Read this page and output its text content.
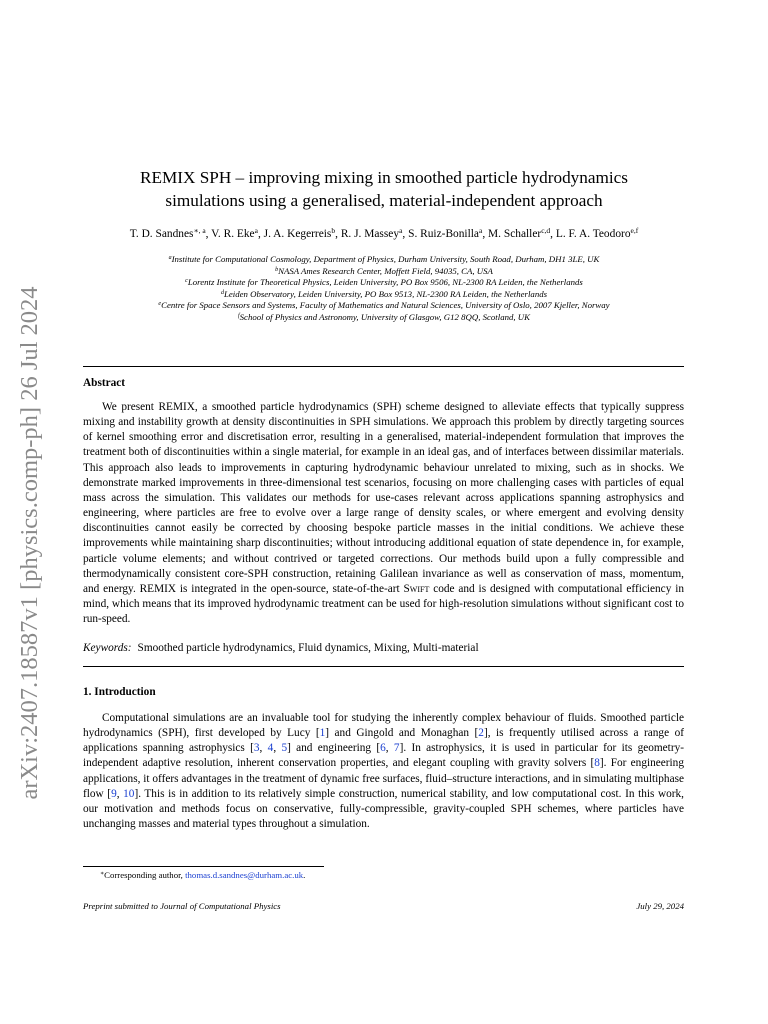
arXiv:2407.18587v1 [physics.comp-ph] 26 Jul 2024
REMIX SPH – improving mixing in smoothed particle hydrodynamics
simulations using a generalised, material-independent approach
T. D. Sandnes$^{∗, a}$, V. R. Eke$^a$, J. A. Kegerreis$^b$, R. J. Massey$^a$, S. Ruiz-Bonilla$^a$, M. Schaller$^{c,d}$, L. F. A. Teodoro$^{e,f}$
$^a$Institute for Computational Cosmology, Department of Physics, Durham University, South Road, Durham, DH1 3LE, UK
$^b$NASA Ames Research Center, Moffett Field, 94035, CA, USA
$^c$Lorentz Institute for Theoretical Physics, Leiden University, PO Box 9506, NL-2300 RA Leiden, the Netherlands
$^d$Leiden Observatory, Leiden University, PO Box 9513, NL-2300 RA Leiden, the Netherlands
$^e$Centre for Space Sensors and Systems, Faculty of Mathematics and Natural Sciences, University of Oslo, 2007 Kjeller, Norway
$^f$School of Physics and Astronomy, University of Glasgow, G12 8QQ, Scotland, UK
Abstract

We present REMIX, a smoothed particle hydrodynamics (SPH) scheme designed to alleviate effects that typically suppress mixing and instability growth at density discontinuities in SPH simulations. We approach this problem by directly targeting sources of kernel smoothing error and discretisation error, resulting in a generalised, material-independent formulation that improves the treatment both of discontinuities within a single material, for example in an ideal gas, and of interfaces between dissimilar materials. This approach also leads to improvements in capturing hydrodynamic behaviour unrelated to mixing, such as in shocks. We demonstrate marked improvements in three-dimensional test scenarios, focusing on more challenging cases with particles of equal mass across the simulation. This validates our methods for use-cases relevant across applications spanning astrophysics and engineering, where particles are free to evolve over a large range of density scales, or where emergent and evolving density discontinuities cannot easily be corrected by choosing bespoke particle masses in the initial conditions. We achieve these improvements while maintaining sharp discontinuities; without introducing additional equation of state dependence in, for example, particle volume elements; and without contrived or targeted corrections. Our methods build upon a fully compressible and thermodynamically consistent core-SPH construction, retaining Galilean invariance as well as conservation of mass, momentum, and energy. REMIX is integrated in the open-source, state-of-the-art Swift code and is designed with computational efficiency in mind, which means that its improved hydrodynamic treatment can be used for high-resolution simulations without significant cost to run-speed.

Keywords: Smoothed particle hydrodynamics, Fluid dynamics, Mixing, Multi-material
1. Introduction

Computational simulations are an invaluable tool for studying the inherently complex behaviour of fluids. Smoothed particle hydrodynamics (SPH), first developed by Lucy [1] and Gingold and Monaghan [2], is frequently utilised across a range of applications spanning astrophysics [3, 4, 5] and engineering [6, 7]. In astrophysics, it is used in particular for its geometry-independent adaptive resolution, inherent conservation properties, and elegant coupling with gravity solvers [8]. For engineering applications, it offers advantages in the treatment of dynamic free surfaces, fluid–structure interactions, and in simulating multiphase flow [9, 10]. This is in addition to its relatively simple construction, numerical stability, and low computational cost. In this work, our motivation and methods focus on conservative, fully-compressible, gravity-coupled SPH schemes, where particles have unchanging masses and material types throughout a simulation.

∗Corresponding author, thomas.d.sandnes@durham.ac.uk.
Preprint submitted to Journal of Computational Physics	July 29, 2024
